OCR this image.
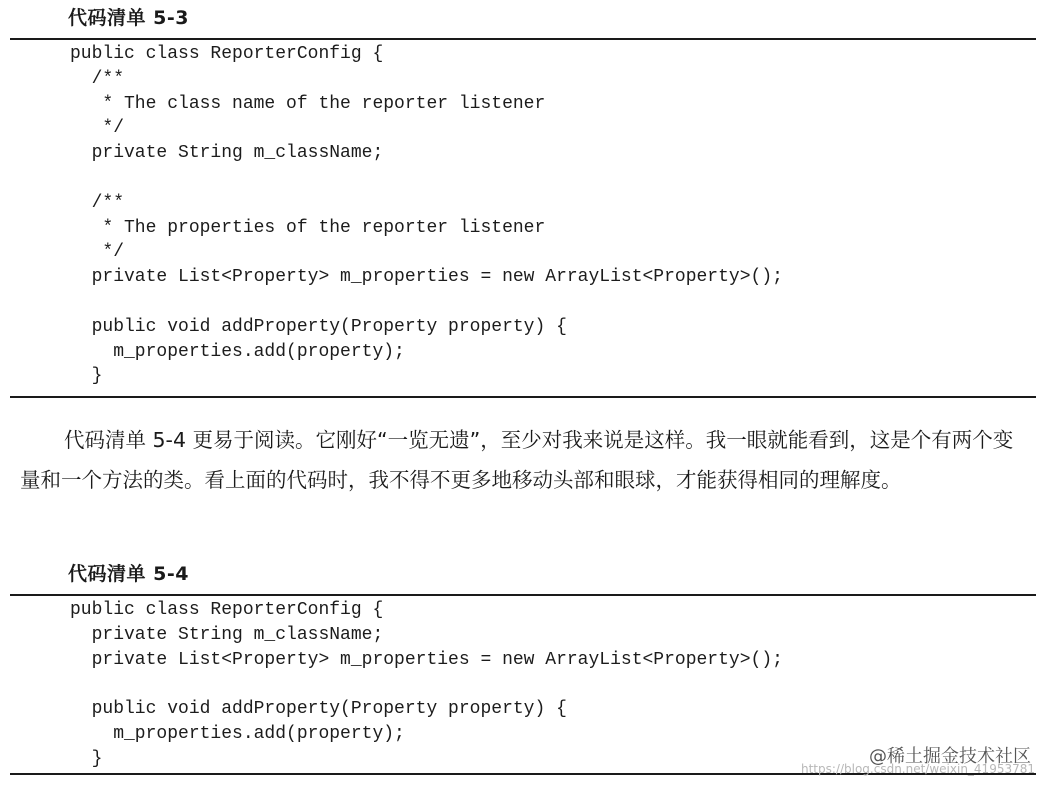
代码清单 5-3
public class ReporterConfig {
/**
* The class name of the reporter listener
*/
private String m_className;

/**
* The properties of the reporter listener
*/
private List<Property> m_properties = new ArrayList<Property>();

public void addProperty(Property property) {
m_properties.add(property);
}

代码清单 5-4 更易于阅读。它刚好“一览无遗”，至少对我来说是这样。我一眼就能看到，这是个有两个变量和一个方法的类。看上面的代码时，我不得不更多地移动头部和眼球，才能获得相同的理解度。

代码清单 5-4
public class ReporterConfig {
private String m_className;
private List<Property> m_properties = new ArrayList<Property>();

public void addProperty(Property property) {
m_properties.add(property);
}	@稀土掘金技术社区
https://blog.csdn.net/weixin_41953781
